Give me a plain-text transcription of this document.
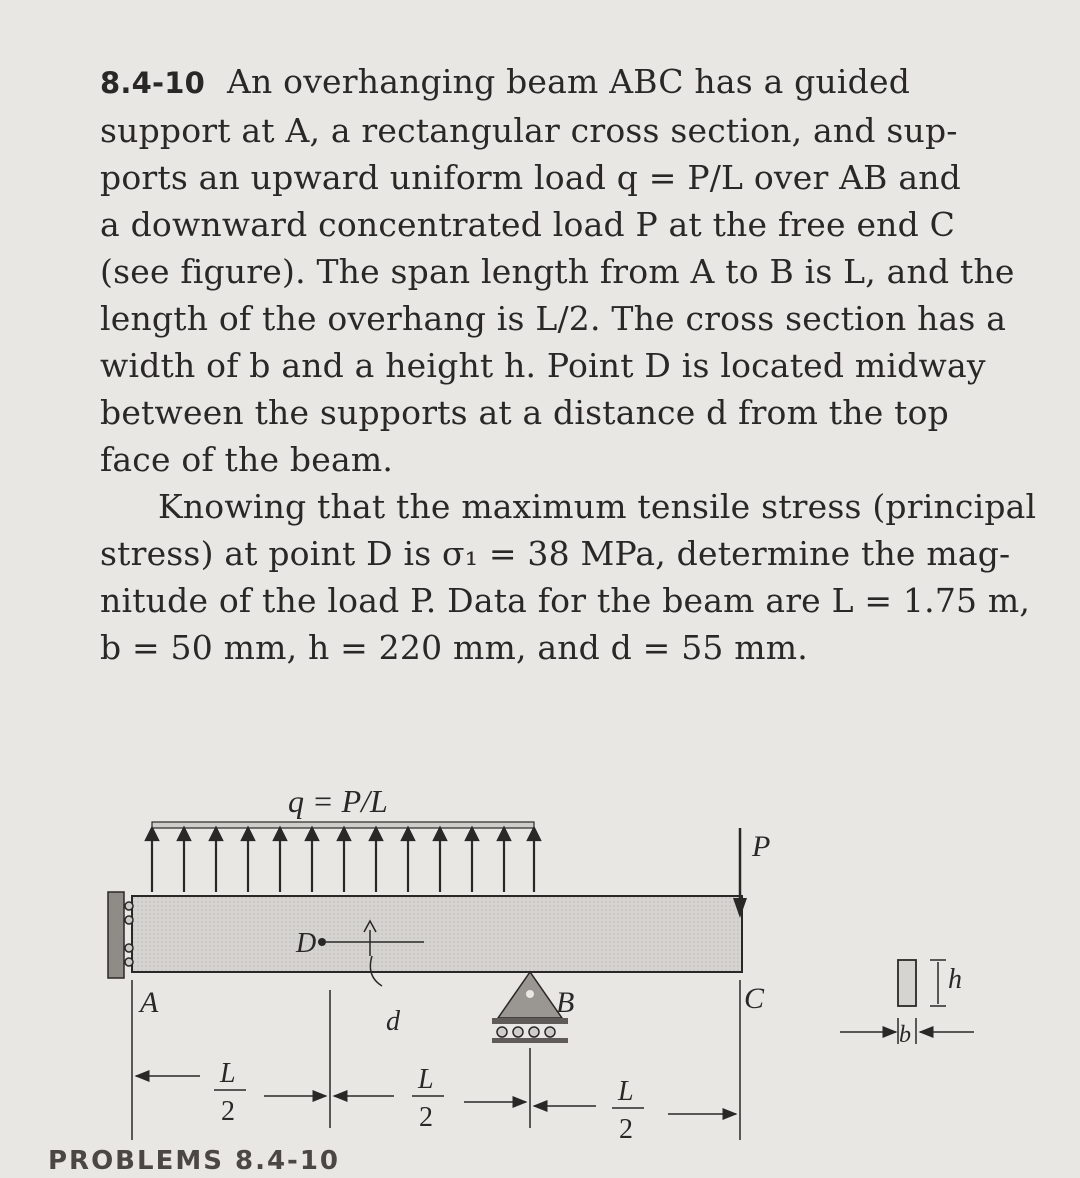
8.4-10 An overhanging beam ABC has a guided
support at A, a rectangular cross section, and sup-
ports an upward uniform load q = P/L over AB and
a downward concentrated load P at the free end C
(see figure). The span length from A to B is L, and the
length of the overhang is L/2. The cross section has a
width of b and a height h. Point D is located midway
between the supports at a distance d from the top
face of the beam.
Knowing that the maximum tensile stress (principal
stress) at point D is σ₁ = 38 MPa, determine the mag-
nitude of the load P. Data for the beam are L = 1.75 m,
b = 50 mm, h = 220 mm, and d = 55 mm.
q = P/L
A
D
d
B
P
C
h
b
L
2
L
2
L
2
PROBLEMS 8.4-10
